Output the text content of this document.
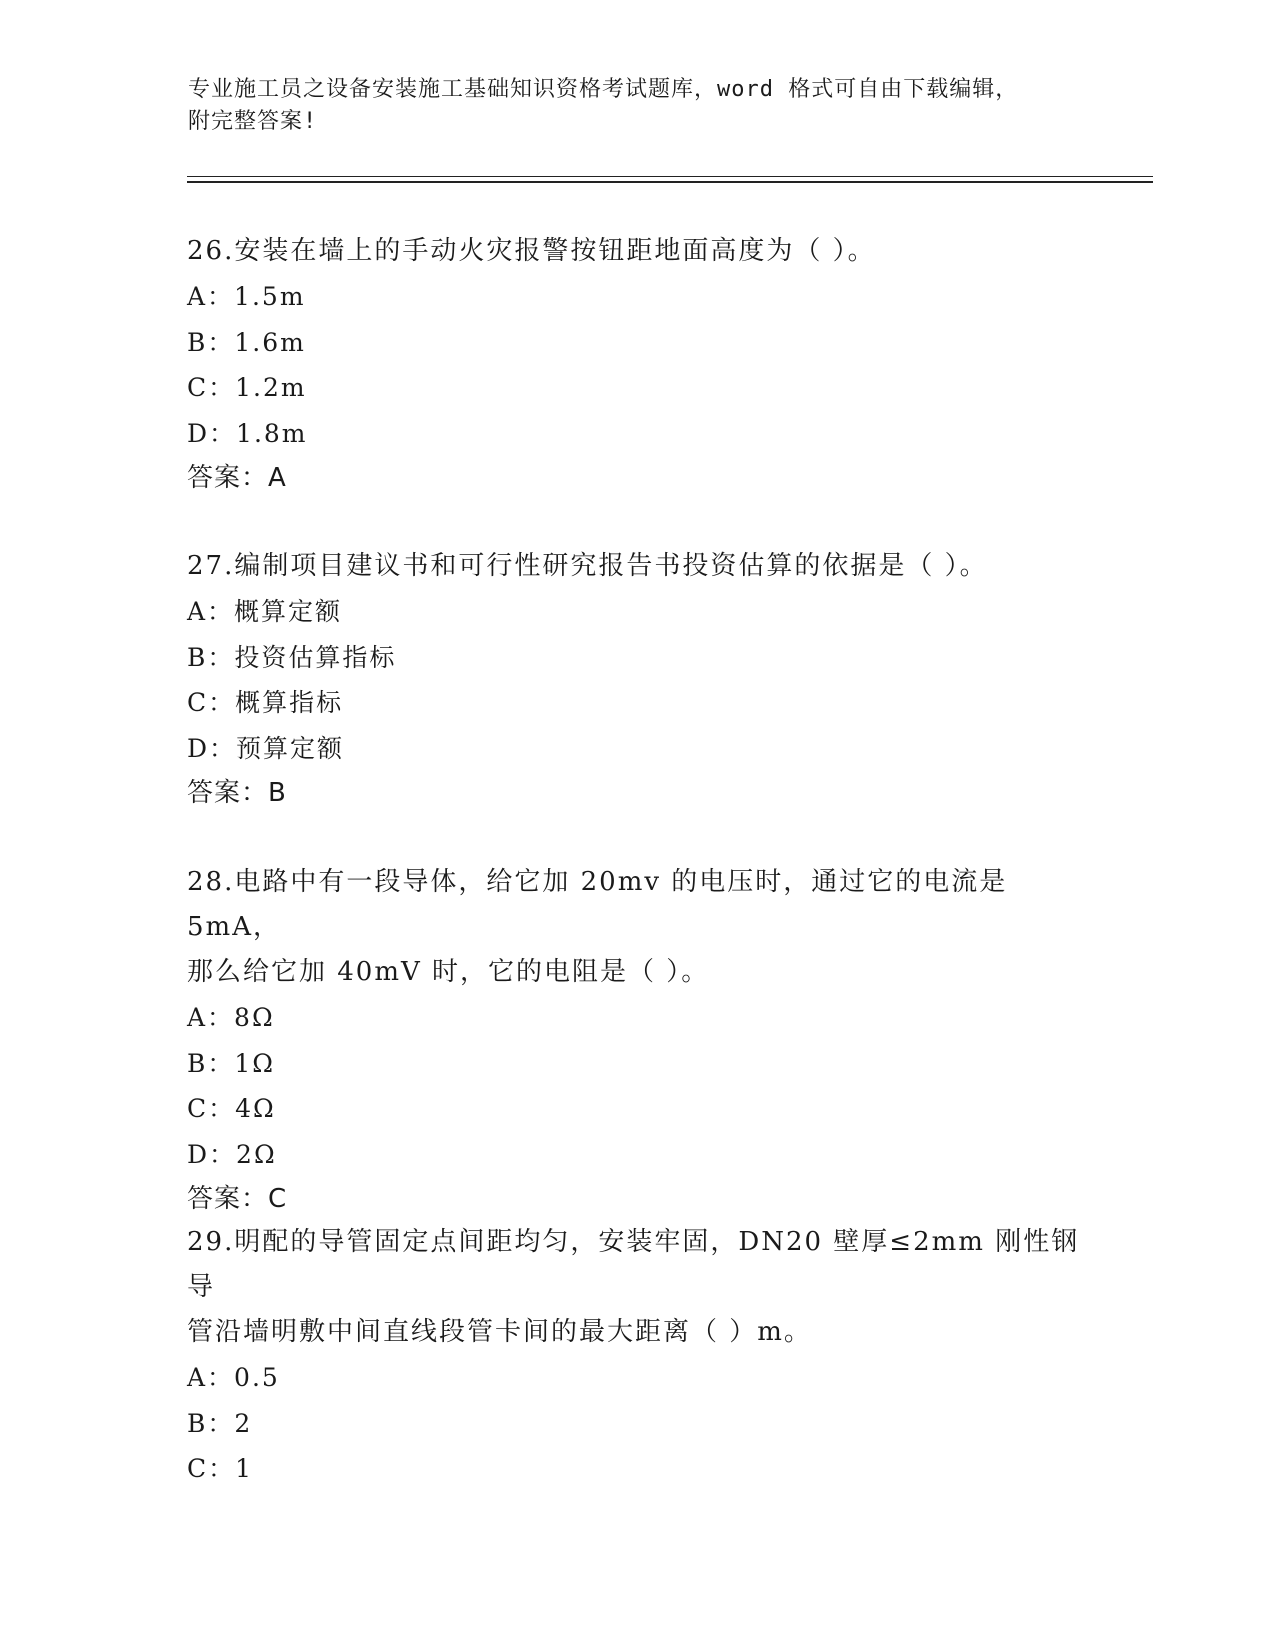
专业施工员之设备安装施工基础知识资格考试题库，word 格式可自由下载编辑，
附完整答案!

26.安装在墙上的手动火灾报警按钮距地面高度为（ ）。

A：1.5m

B：1.6m

C：1.2m

D：1.8m

答案：A

27.编制项目建议书和可行性研究报告书投资估算的依据是（ ）。

A：概算定额

B：投资估算指标

C：概算指标

D：预算定额

答案：B

28.电路中有一段导体，给它加 20mv 的电压时，通过它的电流是 5mA，

那么给它加 40mV 时，它的电阻是（ ）。

A：8Ω

B：1Ω

C：4Ω

D：2Ω

答案：C

29.明配的导管固定点间距均匀，安装牢固，DN20 壁厚≤2mm 刚性钢导

管沿墙明敷中间直线段管卡间的最大距离（ ）m。

A：0.5

B：2

C：1
